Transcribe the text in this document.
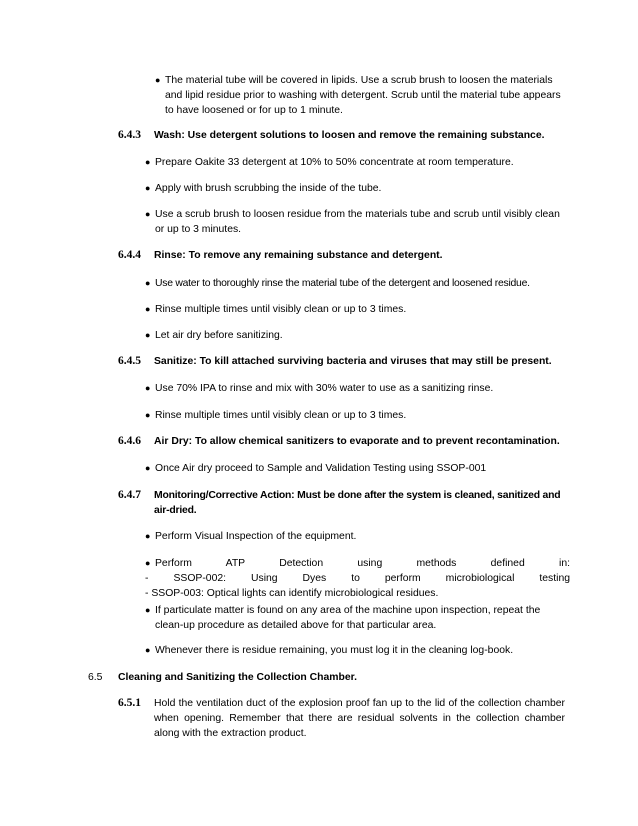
● The material tube will be covered in lipids. Use a scrub brush to loosen the materials and lipid residue prior to washing with detergent. Scrub until the material tube appears to have loosened or for up to 1 minute.
6.4.3	Wash: Use detergent solutions to loosen and remove the remaining substance.
● Prepare Oakite 33 detergent at 10% to 50% concentrate at room temperature.
● Apply with brush scrubbing the inside of the tube.
● Use a scrub brush to loosen residue from the materials tube and scrub until visibly clean or up to 3 minutes.
6.4.4	Rinse: To remove any remaining substance and detergent.
● Use water to thoroughly rinse the material tube of the detergent and loosened residue.
● Rinse multiple times until visibly clean or up to 3 times.
● Let air dry before sanitizing.
6.4.5	Sanitize: To kill attached surviving bacteria and viruses that may still be present.
● Use 70% IPA to rinse and mix with 30% water to use as a sanitizing rinse.
● Rinse multiple times until visibly clean or up to 3 times.
6.4.6	Air Dry: To allow chemical sanitizers to evaporate and to prevent recontamination.
● Once Air dry proceed to Sample and Validation Testing using SSOP-001
6.4.7	Monitoring/Corrective Action: Must be done after the system is cleaned, sanitized and air-dried.
● Perform Visual Inspection of the equipment.
● Perform ATP Detection using methods defined in:
- SSOP-002: Using Dyes to perform microbiological testing
- SSOP-003: Optical lights can identify microbiological residues.
● If particulate matter is found on any area of the machine upon inspection, repeat the clean-up procedure as detailed above for that particular area.
● Whenever there is residue remaining, you must log it in the cleaning log-book.
6.5	Cleaning and Sanitizing the Collection Chamber.
6.5.1	Hold the ventilation duct of the explosion proof fan up to the lid of the collection chamber when opening. Remember that there are residual solvents in the collection chamber along with the extraction product.
